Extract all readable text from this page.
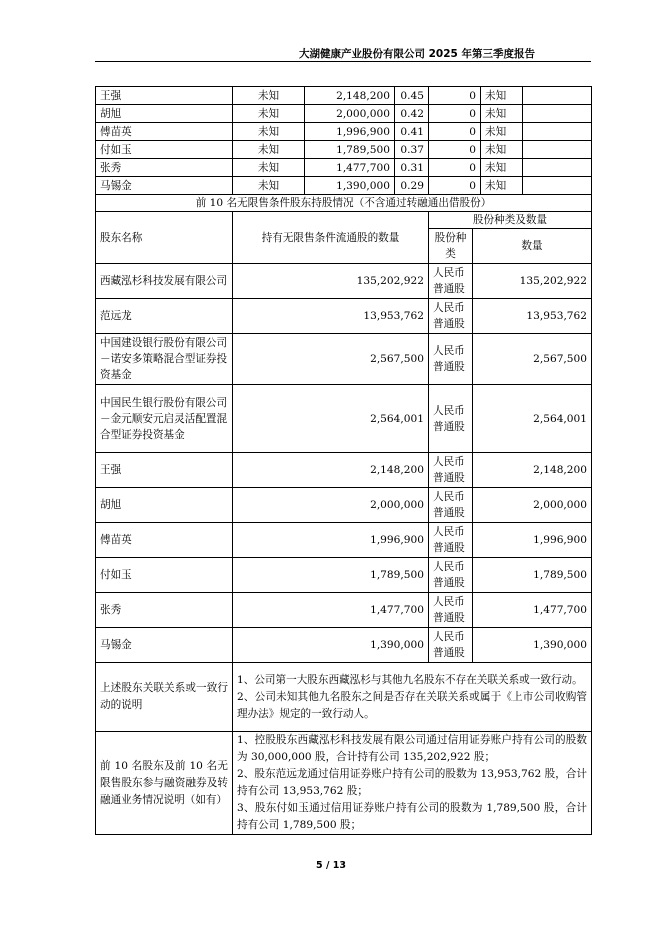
大湖健康产业股份有限公司 2025 年第三季度报告
王强	未知	2,148,200	0.45	0	未知	
胡旭	未知	2,000,000	0.42	0	未知	
傅苗英	未知	1,996,900	0.41	0	未知	
付如玉	未知	1,789,500	0.37	0	未知	
张秀	未知	1,477,700	0.31	0	未知	
马锡金	未知	1,390,000	0.29	0	未知	
前 10 名无限售条件股东持股情况（不含通过转融通出借股份）			
股东名称	持有无限售条件流通股的数量	股份种类及数量	
		股份种类	数量
西藏泓杉科技发展有限公司	135,202,922	人民币普通股	135,202,922
范远龙	13,953,762	人民币普通股	13,953,762
中国建设银行股份有限公司－诺安多策略混合型证券投资基金	2,567,500	人民币普通股	2,567,500
中国民生银行股份有限公司－金元顺安元启灵活配置混合型证券投资基金	2,564,001	人民币普通股	2,564,001
王强	2,148,200	人民币普通股	2,148,200
胡旭	2,000,000	人民币普通股	2,000,000
傅苗英	1,996,900	人民币普通股	1,996,900
付如玉	1,789,500	人民币普通股	1,789,500
张秀	1,477,700	人民币普通股	1,477,700
马锡金	1,390,000	人民币普通股	1,390,000
上述股东关联关系或一致行动的说明	1、公司第一大股东西藏泓杉与其他九名股东不存在关联关系或一致行动。
2、公司未知其他九名股东之间是否存在关联关系或属于《上市公司收购管理办法》规定的一致行动人。		

前 10 名股东及前 10 名无限售股东参与融资融券及转融通业务情况说明（如有）	1、控股股东西藏泓杉科技发展有限公司通过信用证券账户持有公司的股数为 30,000,000 股，合计持有公司 135,202,922 股；
2、股东范远龙通过信用证券账户持有公司的股数为 13,953,762 股，合计持有公司 13,953,762 股；
3、股东付如玉通过信用证券账户持有公司的股数为 1,789,500 股，合计持有公司 1,789,500 股；		
5 / 13
